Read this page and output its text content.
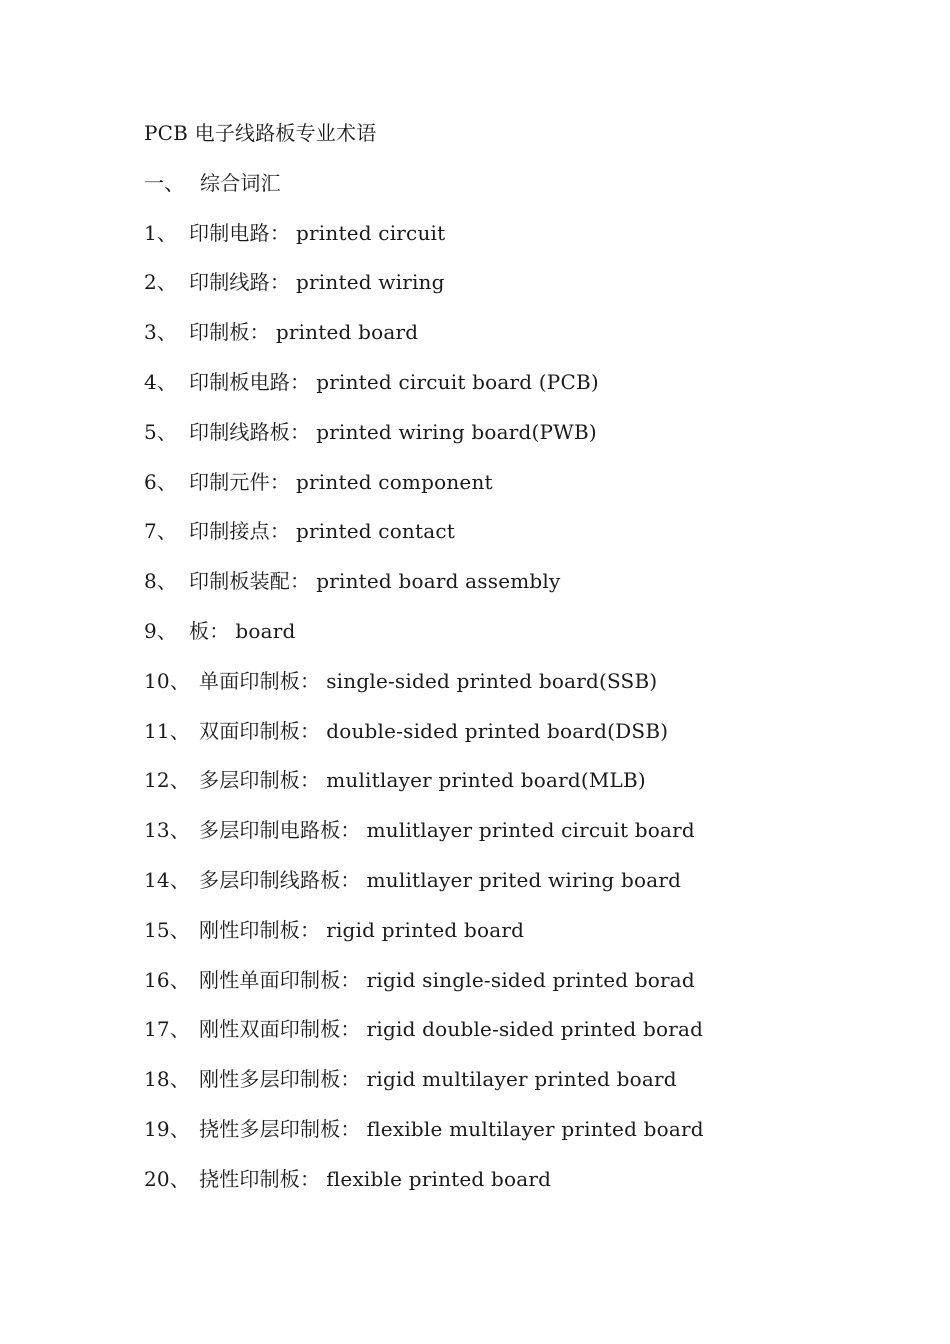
PCB 电子线路板专业术语
一、 综合词汇
1、 印制电路： printed circuit
2、 印制线路： printed wiring
3、 印制板： printed board
4、 印制板电路： printed circuit board (PCB)
5、 印制线路板： printed wiring board(PWB)
6、 印制元件： printed component
7、 印制接点： printed contact
8、 印制板装配： printed board assembly
9、 板： board
10、 单面印制板： single-sided printed board(SSB)
11、 双面印制板： double-sided printed board(DSB)
12、 多层印制板： mulitlayer printed board(MLB)
13、 多层印制电路板： mulitlayer printed circuit board
14、 多层印制线路板： mulitlayer prited wiring board
15、 刚性印制板： rigid printed board
16、 刚性单面印制板： rigid single-sided printed borad
17、 刚性双面印制板： rigid double-sided printed borad
18、 刚性多层印制板： rigid multilayer printed board
19、 挠性多层印制板： flexible multilayer printed board
20、 挠性印制板： flexible printed board
